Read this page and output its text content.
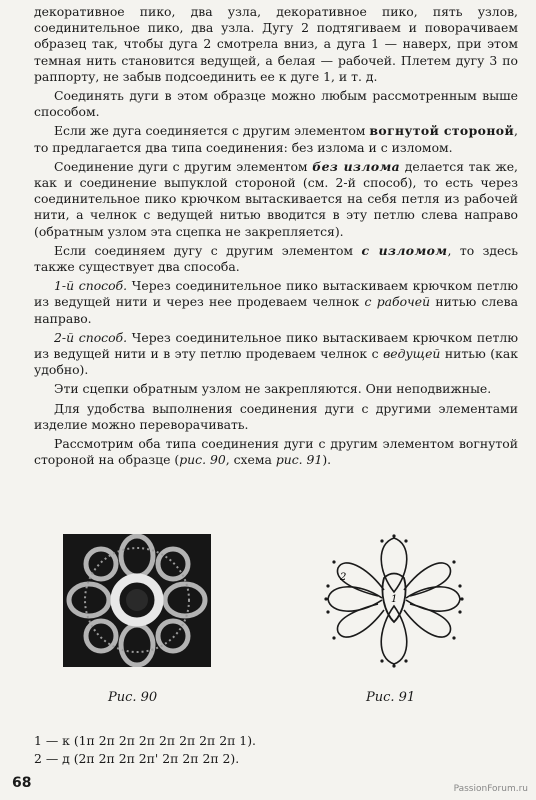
декоративное пико, два узла, декоративное пико, пять узлов, соединительное пико, два узла. Дугу 2 подтягиваем и поворачиваем образец так, чтобы дуга 2 смотрела вниз, а дуга 1 — наверх, при этом темная нить становится ведущей, а белая — рабочей. Плетем дугу 3 по раппорту, не забыв подсоединить ее к дуге 1, и т. д.

Соединять дуги в этом образце можно любым рассмотренным выше способом.

Если же дуга соединяется с другим элементом вогнутой стороной, то предлагается два типа соединения: без излома и с изломом.

Соединение дуги с другим элементом без излома делается так же, как и соединение выпуклой стороной (см. 2-й способ), то есть через соединительное пико крючком вытаскивается на себя петля из рабочей нити, а челнок с ведущей нитью вводится в эту петлю слева направо (обратным узлом эта сцепка не закрепляется).

Если соединяем дугу с другим элементом с изломом, то здесь также существует два способа.

1-й способ. Через соединительное пико вытаскиваем крючком петлю из ведущей нити и через нее продеваем челнок с рабочей нитью слева направо.

2-й способ. Через соединительное пико вытаскиваем крючком петлю из ведущей нити и в эту петлю продеваем челнок с ведущей нитью (как удобно).

Эти сцепки обратным узлом не закрепляются. Они неподвижные.

Для удобства выполнения соединения дуги с другими элементами изделие можно переворачивать.

Рассмотрим оба типа соединения дуги с другим элементом вогнутой стороной на образце (рис. 90, схема рис. 91).

2
1
Рис. 90	Рис. 91
1 — к (1п 2п 2п 2п 2п 2п 2п 2п 1).
2 — д (2п 2п 2п 2п' 2п 2п 2п 2).
68	PassionForum.ru
